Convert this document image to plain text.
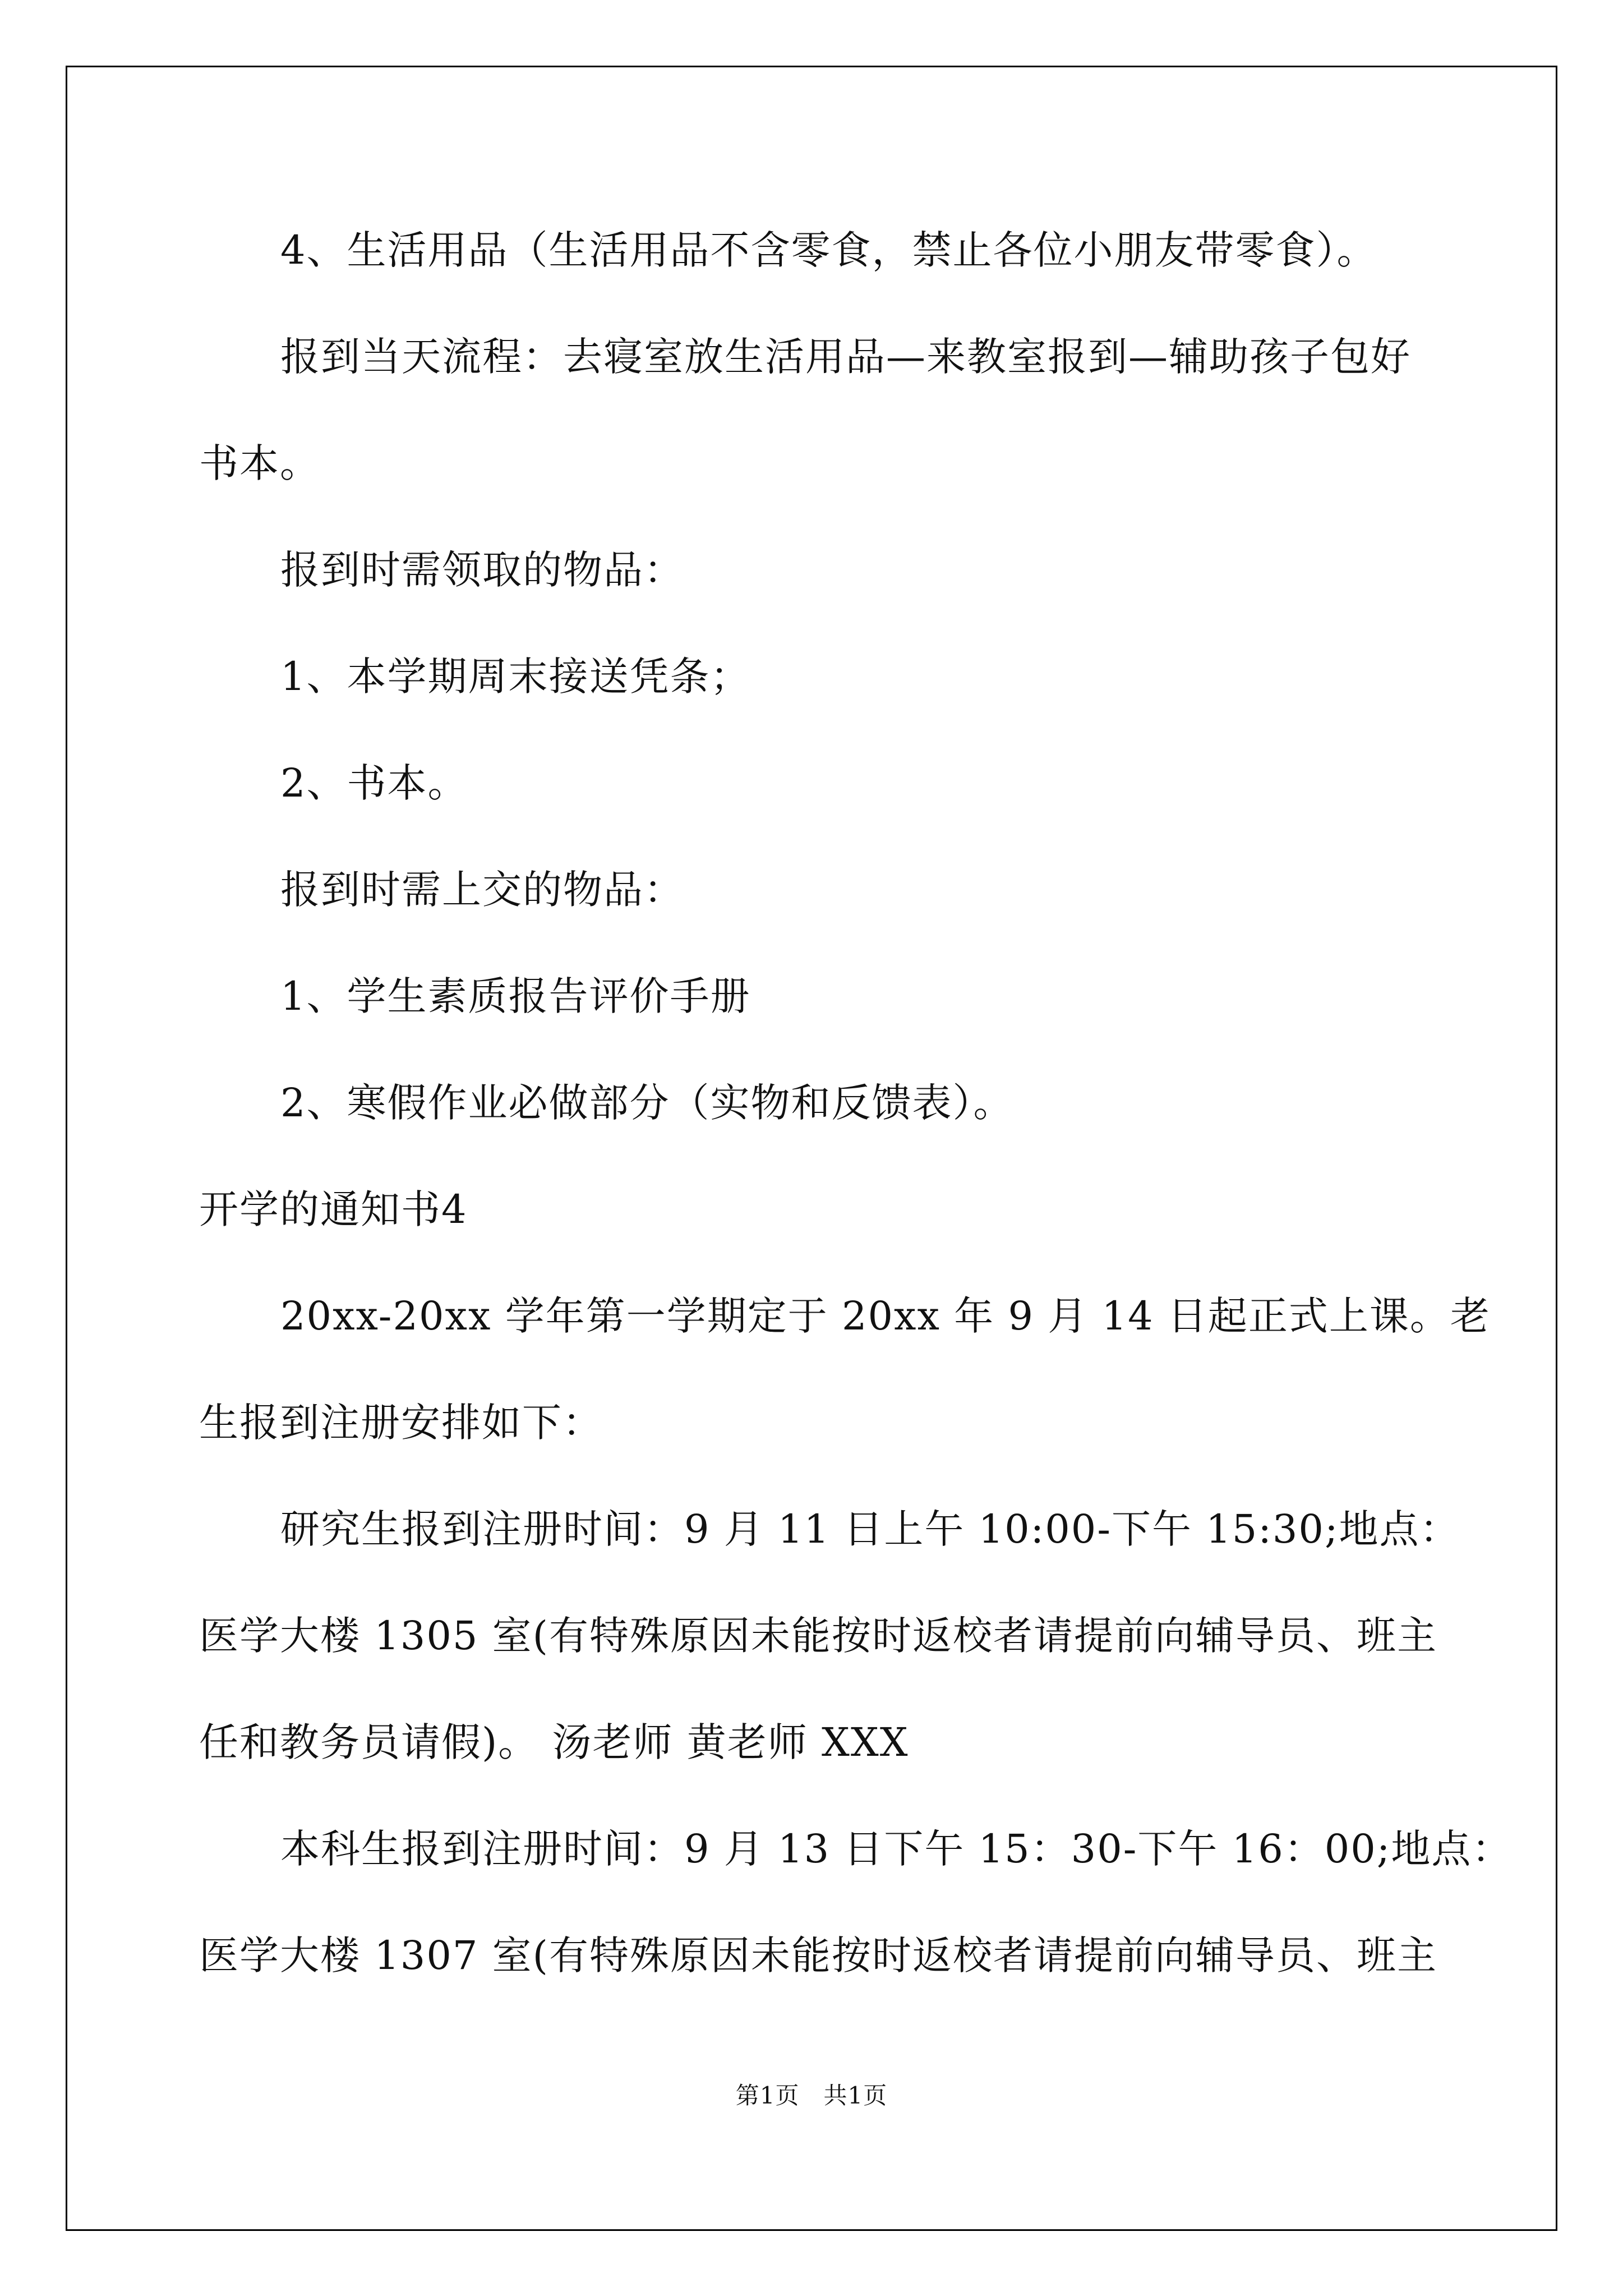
4、生活用品（生活用品不含零食，禁止各位小朋友带零食）。
报到当天流程：去寝室放生活用品—来教室报到—辅助孩子包好
书本。
报到时需领取的物品：
1、本学期周末接送凭条；
2、书本。
报到时需上交的物品：
1、学生素质报告评价手册
2、寒假作业必做部分（实物和反馈表）。
开学的通知书4
20xx-20xx 学年第一学期定于 20xx 年 9 月 14 日起正式上课。老
生报到注册安排如下：
研究生报到注册时间：9 月 11 日上午 10:00-下午 15:30;地点：
医学大楼 1305 室(有特殊原因未能按时返校者请提前向辅导员、班主
任和教务员请假)。 汤老师 黄老师 XXX
本科生报到注册时间：9 月 13 日下午 15：30-下午 16：00;地点：
医学大楼 1307 室(有特殊原因未能按时返校者请提前向辅导员、班主
第1页　共1页
